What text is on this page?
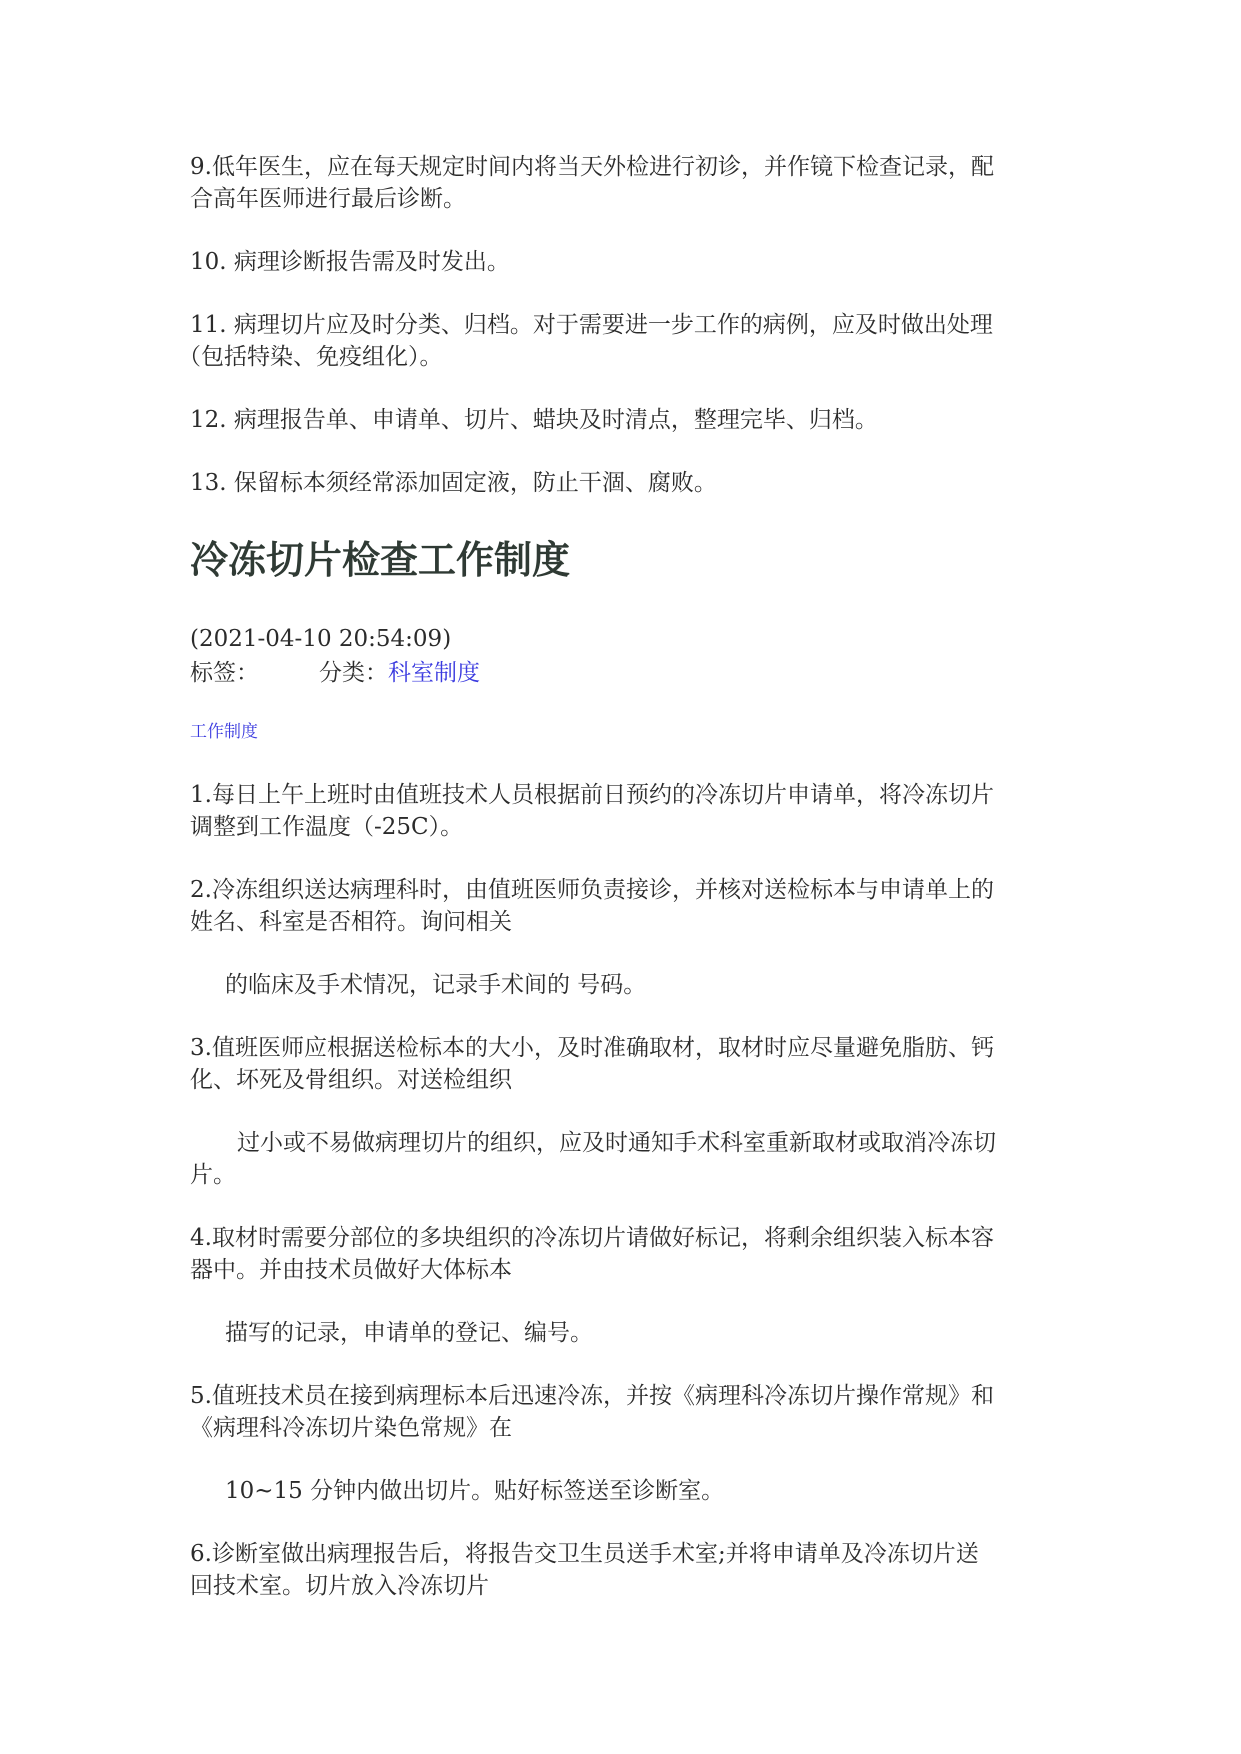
9.低年医生，应在每天规定时间内将当天外检进行初诊，并作镜下检查记录，配

合高年医师进行最后诊断。

10. 病理诊断报告需及时发出。

11. 病理切片应及时分类、归档。对于需要进一步工作的病例，应及时做出处理

（包括特染、免疫组化）。

12. 病理报告单、申请单、切片、蜡块及时清点，整理完毕、归档。

13. 保留标本须经常添加固定液，防止干涸、腐败。

冷冻切片检查工作制度

(2021-04-10 20:54:09)

标签：	分类：科室制度

工作制度

1.每日上午上班时由值班技术人员根据前日预约的冷冻切片申请单，将冷冻切片

调整到工作温度（-25C）。

2.冷冻组织送达病理科时，由值班医师负责接诊，并核对送检标本与申请单上的

姓名、科室是否相符。询问相关

的临床及手术情况，记录手术间的 号码。

3.值班医师应根据送检标本的大小，及时准确取材，取材时应尽量避免脂肪、钙

化、坏死及骨组织。对送检组织

过小或不易做病理切片的组织，应及时通知手术科室重新取材或取消冷冻切

片。

4.取材时需要分部位的多块组织的冷冻切片请做好标记，将剩余组织装入标本容

器中。并由技术员做好大体标本

描写的记录，申请单的登记、编号。

5.值班技术员在接到病理标本后迅速冷冻，并按《病理科冷冻切片操作常规》和

《病理科冷冻切片染色常规》在

10~15 分钟内做出切片。贴好标签送至诊断室。

6.诊断室做出病理报告后，将报告交卫生员送手术室;并将申请单及冷冻切片送

回技术室。切片放入冷冻切片
